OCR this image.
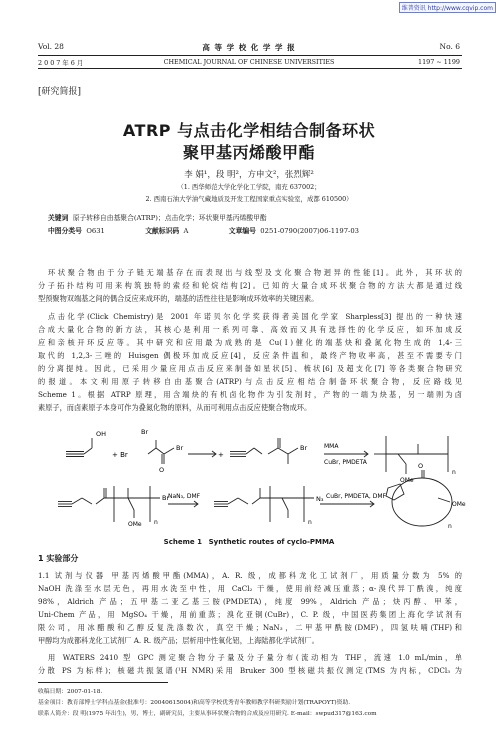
维普资讯 http://www.cqvip.com
Vol. 28	高 等 学 校 化 学 学 报	No. 6
2 0 0 7 年 6 月	CHEMICAL JOURNAL OF CHINESE UNIVERSITIES	1197 ~ 1199
[研究简报]
ATRP 与点击化学相结合制备环状
聚甲基丙烯酸甲酯
李 娟¹，段 明²，方申文²，张烈辉²
（1. 西华师范大学化学化工学院，南充 637002；
2. 西南石油大学油气藏地质及开发工程国家重点实验室，成都 610500）
关键词 原子转移自由基聚合(ATRP)；点击化学；环状聚甲基丙烯酸甲酯
中图分类号 O631	文献标识码 A	文章编号 0251-0790(2007)06-1197-03
环状聚合物由于分子链无端基存在而表现出与线型及支化聚合物迥异的性能[1]。此外，其环状的
分子拓扑结构可用来构筑独特的索烃和轮烷结构[2]。已知的大量合成环状聚合物的方法大都是通过线
型预聚物双端基之间的偶合反应来成环的，端基的活性往往是影响成环效率的关键因素。
点击化学(Click Chemistry)是 2001 年诺贝尔化学奖获得者美国化学家 Sharpless[3] 提出的一种快速
合成大量化合物的新方法，其核心是利用一系列可靠、高效而又具有选择性的化学反应，如环加成反
应和亲核开环反应等。其中研究和应用最为成熟的是 Cu(Ⅰ)催化的端基炔和叠氮化物生成的 1,4-三
取代的 1,2,3-三唑的 Huisgen 偶极环加成反应[4]，反应条件温和，最终产物收率高，甚至不需要专门
的分离提纯。因此，已采用少量应用点击反应来制备如星状[5]、梳状[6] 及超支化[7] 等各类聚合物研究
的报道。本文利用原子转移自由基聚合(ATRP)与点击反应相结合制备环状聚合物，反应路线见
Scheme 1。根据 ATRP 原理，用含端炔的有机卤化物作为引发剂时，产物的一端为炔基，另一端则为卤
素原子，而卤素原子本身可作为叠氮化物的原料，从而可利用点击反应使聚合物成环。
OH
+ Br
Br
O
Br
+
Br	MMA
CuBr, PMDETA
n
OMe
NaN₃, DMF
Br
n
OMe
N₃ CuBr, PMDETA, DMF
n
O
OMe
n
Scheme 1 Synthetic routes of cyclo-PMMA
1 实验部分
1.1 试剂与仪器 甲基丙烯酸甲酯(MMA)，A. R. 级，成都科龙化工试剂厂，用质量分数为 5% 的
NaOH 洗涤至水层无色，再用水洗至中性，用 CaCl₂ 干燥，使用前经减压重蒸；α-溴代异丁酰溴，纯度
98%，Aldrich 产品；五甲基二亚乙基三胺(PMDETA)，纯度 99%，Aldrich 产品；炔丙醇、甲苯，
Uni-Chem 产品，用 MgSO₄ 干燥，用前重蒸；溴化亚铜(CuBr)，C. P. 级，中国医药集团上海化学试剂有
限公司，用冰醋酸和乙醇反复洗涤数次，真空干燥；NaN₃，二甲基甲酰胺(DMF)，四氢呋喃(THF)和
甲醇均为成都科龙化工试剂厂 A. R. 级产品；层析用中性氧化铝，上海陆都化学试剂厂。
用 WATERS 2410 型 GPC 测定聚合物分子量及分子量分布(流动相为 THF，流速 1.0 mL/min，单
分散 PS 为标样)；核磁共振氢谱(¹H NMR)采用 Bruker 300 型核磁共振仪测定(TMS 为内标，CDCl₃ 为
收稿日期：2007-01-18.
基金项目：教育部博士学科点基金(批准号：20040615004)和高等学校优秀青年教师教学科研奖励计划(TRAPOYT)资助.
联系人简介：段 明(1975 年出生)，男，博士，副研究员，主要从事环状聚合物的合成及应用研究. E-mail：swpud317@163.com
